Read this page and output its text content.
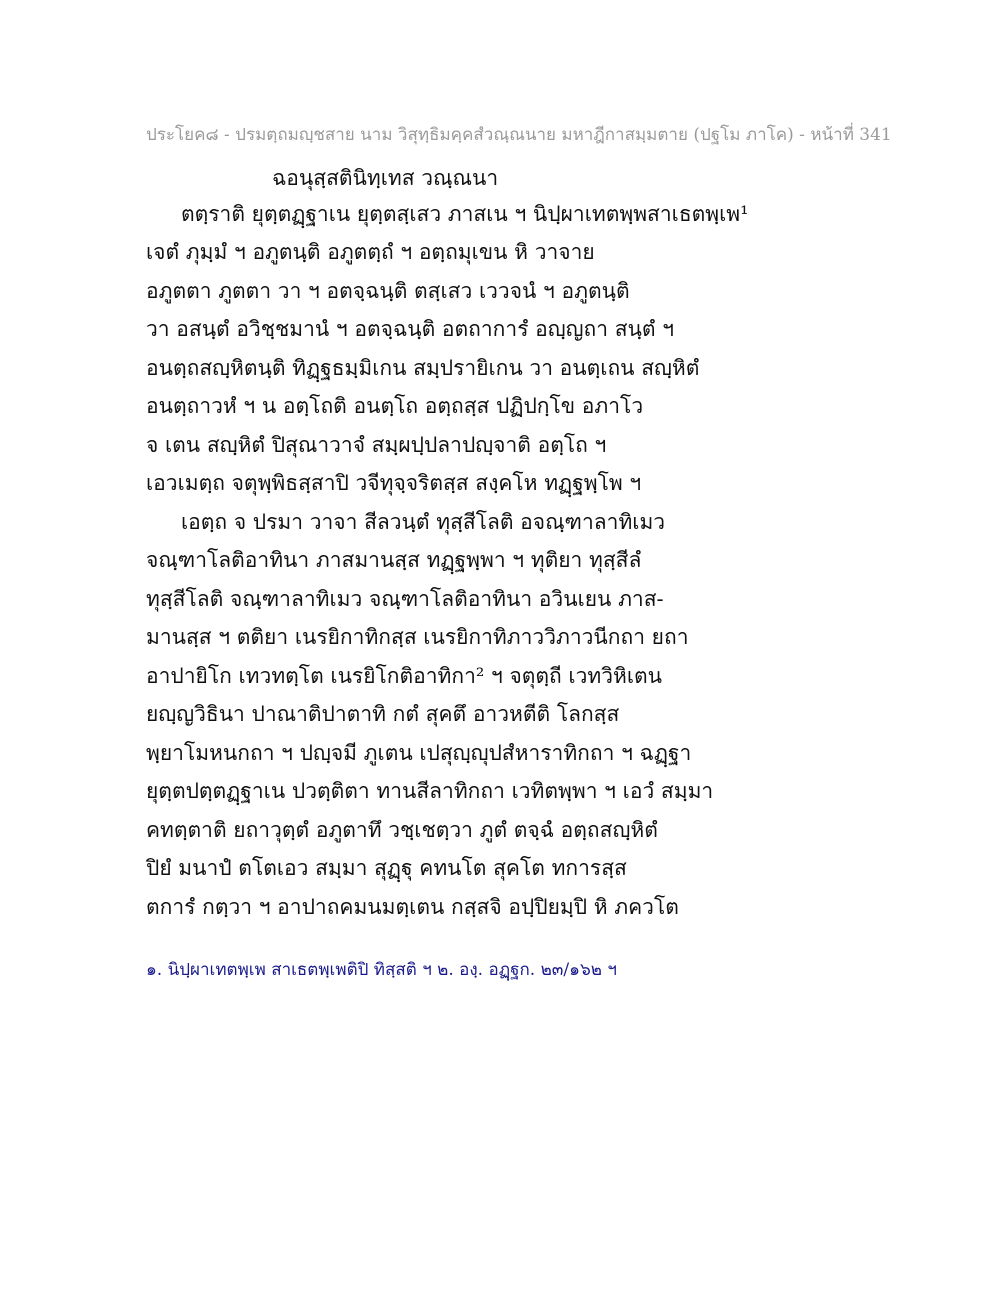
ประโยค๘ - ปรมตฺถมญฺชสาย นาม วิสุทฺธิมคฺคสํวณฺณนาย มหาฎีกาสมฺมตาย (ปฐโม ภาโค) - หน้าที่ 341
ฉอนุสฺสตินิทฺเทส วณฺณนา
ตตฺราติ ยุตฺตฏฺฐาเน ยุตฺตสฺเสว ภาสเน ฯ นิปฺผาเทตพฺพสาเธตพฺเพ¹
เจตํ ภุมฺมํ ฯ อภูตนฺติ อภูตตฺถํ ฯ อตฺถมุเขน หิ วาจาย
อภูตตา ภูตตา วา ฯ อตจฺฉนฺติ ตสฺเสว เววจนํ ฯ อภูตนฺติ
วา อสนฺตํ อวิชฺชมานํ ฯ อตจฺฉนฺติ อตถาการํ อญฺญถา สนฺตํ ฯ
อนตฺถสญฺหิตนฺติ ทิฏฺฐธมฺมิเกน สมฺปรายิเกน วา อนตฺเถน สญฺหิตํ
อนตฺถาวหํ ฯ น อตฺโถติ อนตฺโถ อตฺถสฺส ปฏิปกฺโข อภาโว
จ เตน สญฺหิตํ ปิสุณาวาจํ สมฺผปฺปลาปญฺจาติ อตฺโถ ฯ
เอวเมตฺถ จตุพฺพิธสฺสาปิ วจีทุจฺจริตสฺส สงฺคโห ทฏฺฐพฺโพ ฯ
เอตฺถ จ ปรมา วาจา สีลวนฺตํ ทุสฺสีโลติ อจณฺฑาลาทิเมว
จณฺฑาโลติอาทินา ภาสมานสฺส ทฏฺฐพฺพา ฯ ทุติยา ทุสฺสีลํ
ทุสฺสีโลติ จณฺฑาลาทิเมว จณฺฑาโลติอาทินา อวินเยน ภาส-
มานสฺส ฯ ตติยา เนรยิกาทิกสฺส เนรยิกาทิภาววิภาวนีกถา ยถา
อาปายิโก เทวทตฺโต เนรยิโกติอาทิกา² ฯ จตุตฺถี เวทวิหิเตน
ยญฺญวิธินา ปาณาติปาตาทิ กตํ สุคตึ อาวหตีติ โลกสฺส
พฺยาโมหนกถา ฯ ปญฺจมี ภูเตน เปสุญฺญุปสํหาราทิกถา ฯ ฉฏฺฐา
ยุตฺตปตฺตฏฺฐาเน ปวตฺติตา ทานสีลาทิกถา เวทิตพฺพา ฯ เอวํ สมฺมา
คทตฺตาติ ยถาวุตฺตํ อภูตาทึ วชฺเชตฺวา ภูตํ ตจฺฉํ อตฺถสญฺหิตํ
ปิยํ มนาปํ ตโตเอว สมฺมา สุฏฺฐุ คทนโต สุคโต ทการสฺส
ตการํ กตฺวา ฯ อาปาถคมนมตฺเตน กสฺสจิ อปฺปิยมฺปิ หิ ภควโต
๑. นิปฺผาเทตพฺเพ สาเธตพฺเพติปิ ทิสฺสติ ฯ ๒. องฺ. อฏฺฐก. ๒๓/๑๖๒ ฯ
